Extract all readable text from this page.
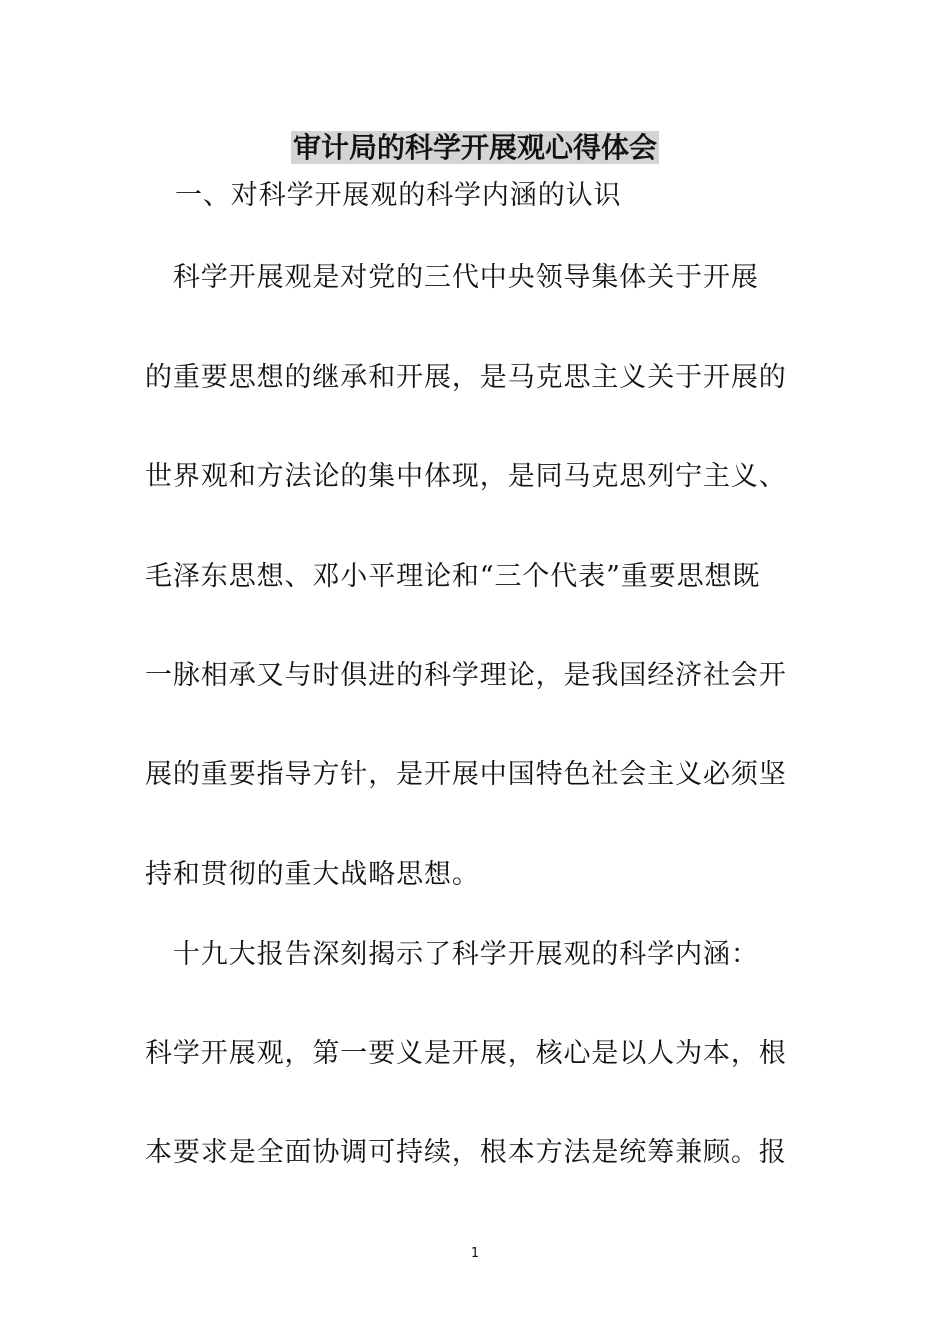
审计局的科学开展观心得体会
一、对科学开展观的科学内涵的认识
　科学开展观是对党的三代中央领导集体关于开展
的重要思想的继承和开展，是马克思主义关于开展的
世界观和方法论的集中体现，是同马克思列宁主义、
毛泽东思想、邓小平理论和“三个代表”重要思想既
一脉相承又与时俱进的科学理论，是我国经济社会开
展的重要指导方针，是开展中国特色社会主义必须坚
持和贯彻的重大战略思想。
　十九大报告深刻揭示了科学开展观的科学内涵：
科学开展观，第一要义是开展，核心是以人为本，根
本要求是全面协调可持续，根本方法是统筹兼顾。报
1
